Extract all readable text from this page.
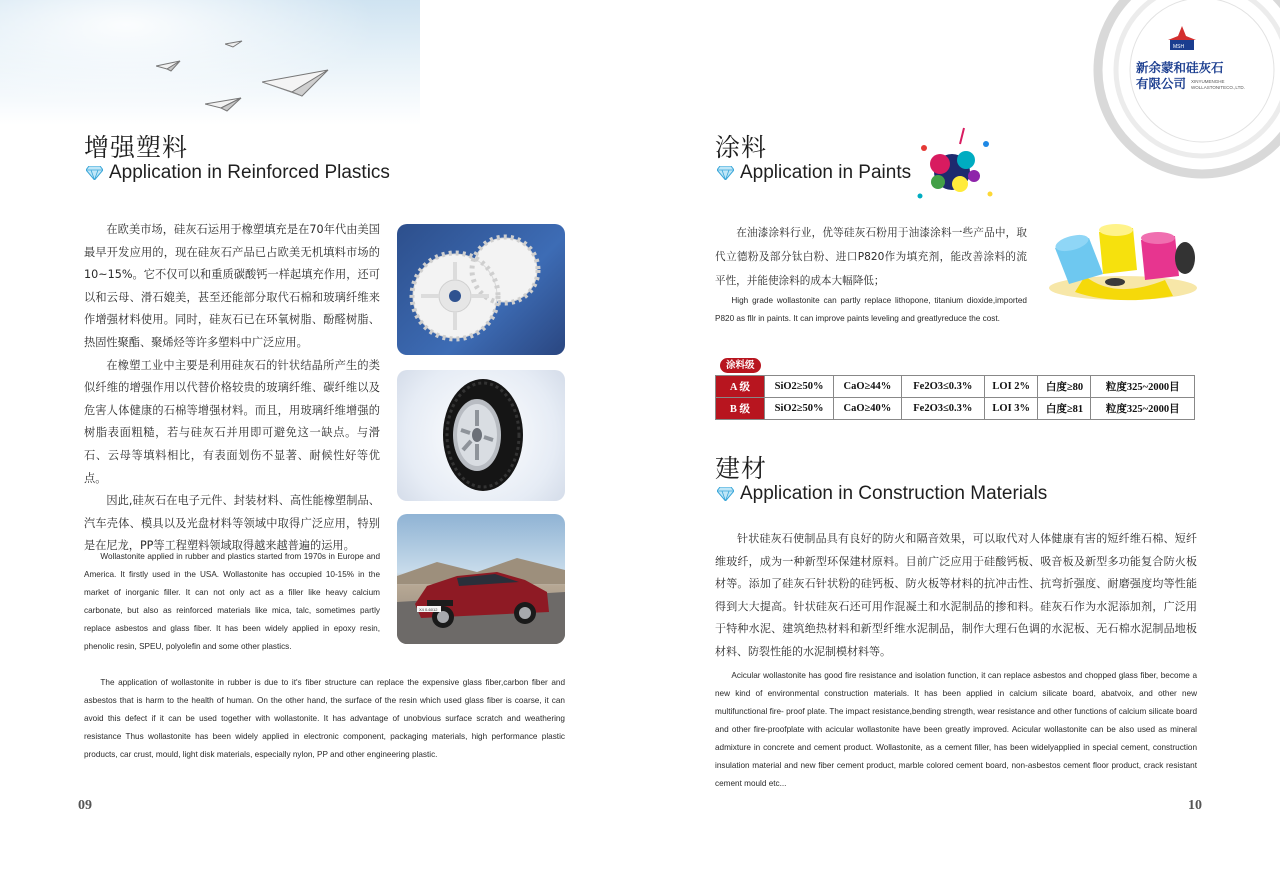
增强塑料
Application in Reinforced Plastics

在欧美市场，硅灰石运用于橡塑填充是在70年代由美国最早开发应用的，现在硅灰石产品已占欧美无机填料市场的10~15%。它不仅可以和重质碳酸钙一样起填充作用，还可以和云母、滑石媲美，甚至还能部分取代石棉和玻璃纤维来作增强材料使用。同时，硅灰石已在环氧树脂、酚醛树脂、热固性聚酯、聚烯烃等许多塑料中广泛应用。

在橡塑工业中主要是利用硅灰石的针状结晶所产生的类似纤维的增强作用以代替价格较贵的玻璃纤维、碳纤维以及危害人体健康的石棉等增强材料。而且，用玻璃纤维增强的树脂表面粗糙，若与硅灰石并用即可避免这一缺点。与滑石、云母等填料相比，有表面划伤不显著、耐候性好等优点。

因此,硅灰石在电子元件、封装材料、高性能橡塑制品、汽车壳体、模具以及光盘材料等领域中取得广泛应用，特别是在尼龙，PP等工程塑料领域取得越来越普遍的运用。

Wollastonite applied in rubber and plastics started from 1970s in Europe and America. It firstly used in the USA. Wollastonite has occupied 10-15% in the market of inorganic filler. It can not only act as a filler like heavy calcium carbonate, but also as reinforced materials like mica, talc, sometimes partly replace asbestos and glass fiber. It has been widely applied in epoxy resin, phenolic resin, SPEU, polyolefin and some other plastics.

The application of wollastonite in rubber is due to it's fiber structure can replace the expensive glass fiber,carbon fiber and asbestos that is harm to the health of human. On the other hand, the surface of the resin which used glass fiber is coarse, it can avoid this defect if it can be used together with wollastonite. It has advantage of unobvious surface scratch and weathering resistance Thus wollastonite has been widely applied in electronic component, packaging materials, high performance plastic products, car crust, mould, light disk materials, especially nylon, PP and other engineering plastic.

X4 0-6012
09
MSH
新余蒙和硅灰石
有限公司 XINYUMENGHE
WOLLASTONITECO.,LTD.
涂料
Application in Paints

在油漆涂料行业，优等硅灰石粉用于油漆涂料一些产品中，取代立德粉及部分钛白粉、进口P820作为填充剂，能改善涂料的流平性，并能使涂料的成本大幅降低；

High grade wollastonite can partly replace lithopone, titanium dioxide,imported P820 as fllr in paints. It can improve paints leveling and greatlyreduce the cost.

涂料级
A 级	SiO2≥50%	CaO≥44%	Fe2O3≤0.3%	LOI 2%	白度≥80	粒度325~2000目
B 级	SiO2≥50%	CaO≥40%	Fe2O3≤0.3%	LOI 3%	白度≥81	粒度325~2000目
建材
Application in Construction Materials

针状硅灰石使制品具有良好的防火和隔音效果，可以取代对人体健康有害的短纤维石棉、短纤维玻纤，成为一种新型环保建材原料。目前广泛应用于硅酸钙板、吸音板及新型多功能复合防火板材等。添加了硅灰石针状粉的硅钙板、防火板等材料的抗冲击性、抗弯折强度、耐磨强度均等性能得到大大提高。针状硅灰石还可用作混凝土和水泥制品的掺和料。硅灰石作为水泥添加剂，广泛用于特种水泥、建筑绝热材料和新型纤维水泥制品，制作大理石色调的水泥板、无石棉水泥制品地板材料、防裂性能的水泥制模材料等。

Acicular wollastonite has good fire resistance and isolation function, it can replace asbestos and chopped glass fiber, become a new kind of environmental construction materials. It has been applied in calcium silicate board, abatvoix, and other new multifunctional fire- proof plate. The impact resistance,bending strength, wear resistance and other functions of calcium silicate board and other fire-proofplate with acicular wollastonite have been greatly improved. Acicular wollastonite can be also used as mineral admixture in concrete and cement product. Wollastonite, as a cement filler, has been widelyapplied in special cement, construction insulation material and new fiber cement product, marble colored cement board, non-asbestos cement floor product, crack resistant cement mould etc...

10
